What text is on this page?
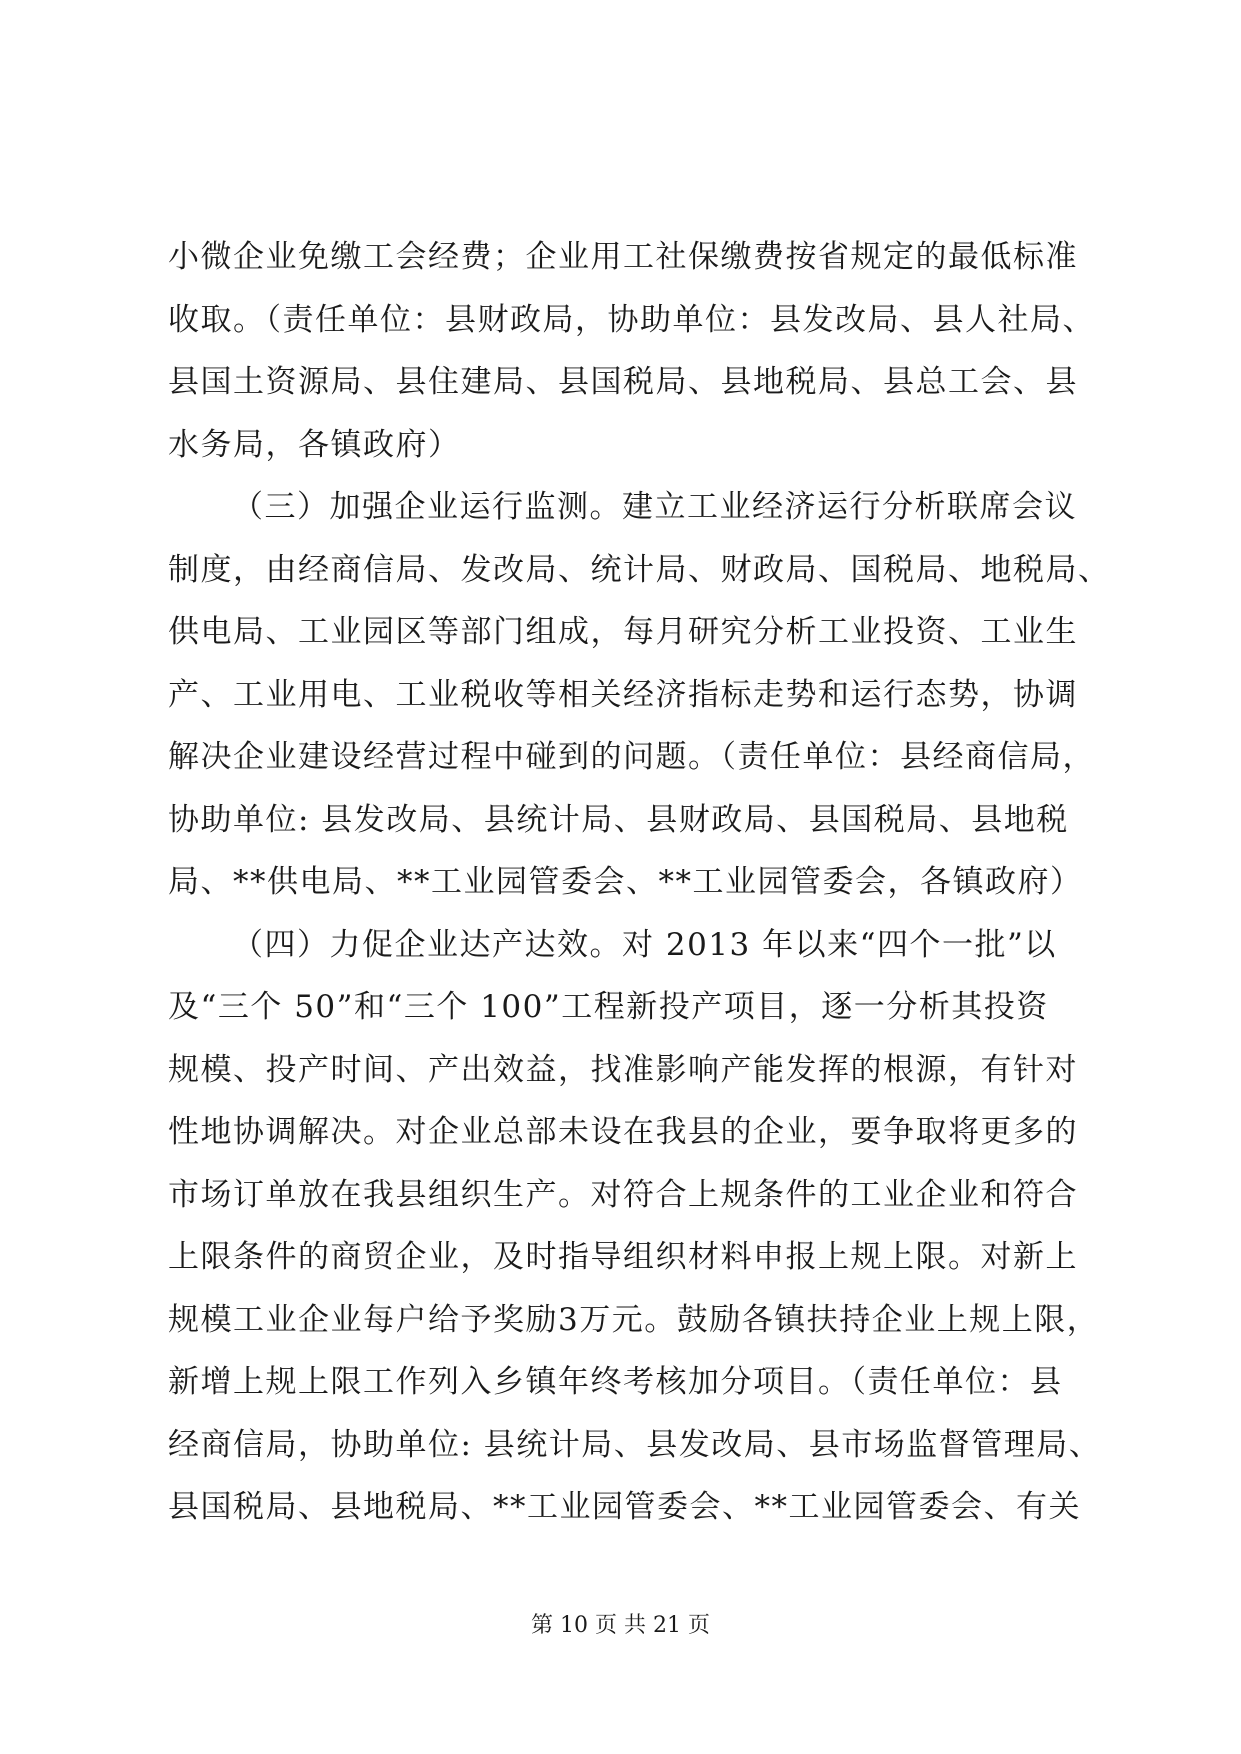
小微企业免缴工会经费；企业用工社保缴费按省规定的最低标准
收取。（责任单位：县财政局，协助单位：县发改局、县人社局、
县国土资源局、县住建局、县国税局、县地税局、县总工会、县
水务局，各镇政府）
（三）加强企业运行监测。建立工业经济运行分析联席会议
制度，由经商信局、发改局、统计局、财政局、国税局、地税局、
供电局、工业园区等部门组成，每月研究分析工业投资、工业生
产、工业用电、工业税收等相关经济指标走势和运行态势，协调
解决企业建设经营过程中碰到的问题。（责任单位：县经商信局，
协助单位: 县发改局、县统计局、县财政局、县国税局、县地税
局、**供电局、**工业园管委会、**工业园管委会，各镇政府）
（四）力促企业达产达效。对 2013 年以来“四个一批”以
及“三个 50”和“三个 100”工程新投产项目，逐一分析其投资
规模、投产时间、产出效益，找准影响产能发挥的根源，有针对
性地协调解决。对企业总部未设在我县的企业，要争取将更多的
市场订单放在我县组织生产。对符合上规条件的工业企业和符合
上限条件的商贸企业，及时指导组织材料申报上规上限。对新上
规模工业企业每户给予奖励3万元。鼓励各镇扶持企业上规上限，
新增上规上限工作列入乡镇年终考核加分项目。（责任单位：县
经商信局，协助单位: 县统计局、县发改局、县市场监督管理局、
县国税局、县地税局、**工业园管委会、**工业园管委会、有关
第 10 页 共 21 页
